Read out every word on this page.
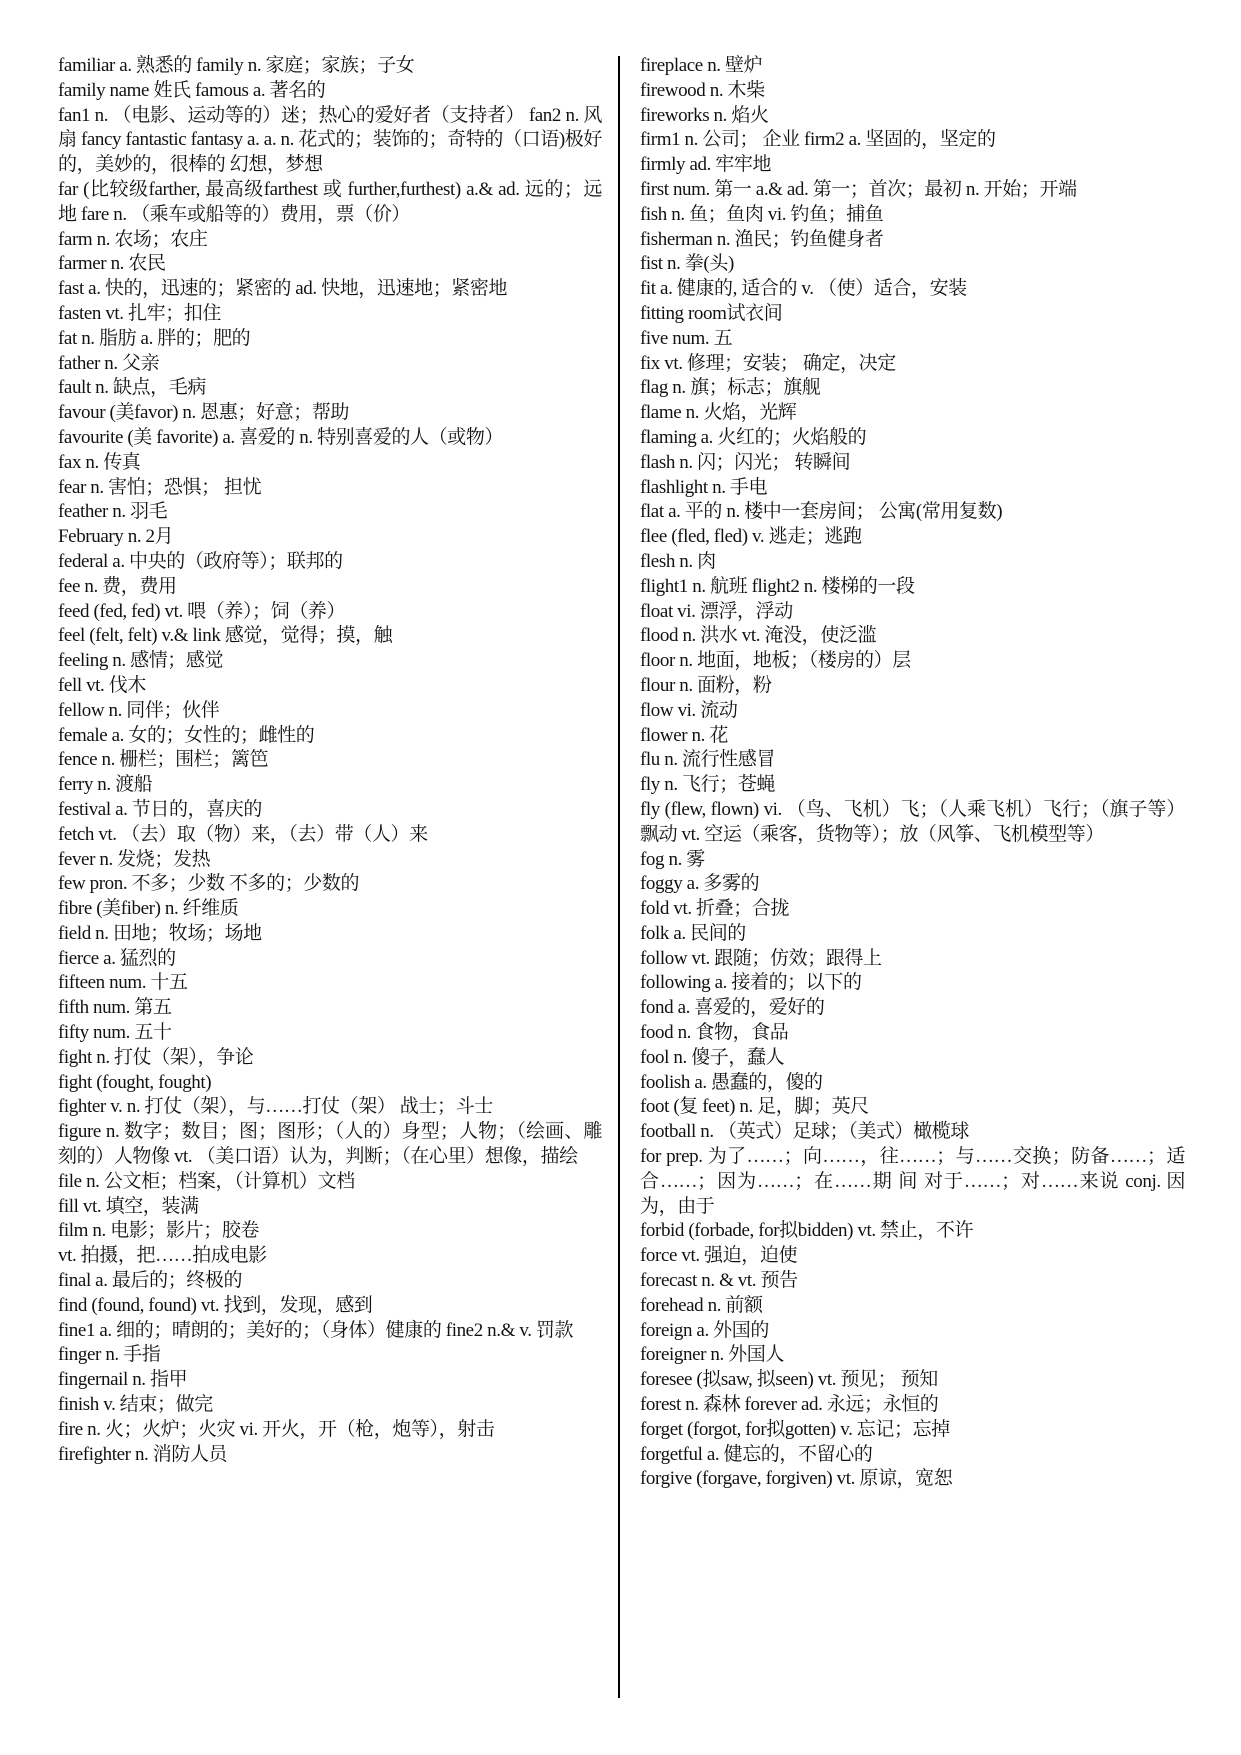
familiar a. 熟悉的 family n. 家庭；家族；子女

family name 姓氏 famous a. 著名的

fan1 n. （电影、运动等的）迷；热心的爱好者（支持者） fan2 n. 风扇 fancy fantastic fantasy a. a. n. 花式的；装饰的；奇特的（口语)极好的，美妙的，很棒的 幻想，梦想

far (比较级farther, 最高级farthest 或 further,furthest) a.& ad. 远的；远地 fare n. （乘车或船等的）费用，票（价）

farm n. 农场；农庄

farmer n. 农民

fast a. 快的，迅速的；紧密的 ad. 快地，迅速地；紧密地

fasten vt. 扎牢；扣住

fat n. 脂肪 a. 胖的；肥的

father n. 父亲

fault n. 缺点，毛病

favour (美favor) n. 恩惠；好意；帮助

favourite (美 favorite) a. 喜爱的 n. 特别喜爱的人（或物）

fax n. 传真

fear n. 害怕；恐惧； 担忧

feather n. 羽毛

February n. 2月

federal a. 中央的（政府等）；联邦的

fee n. 费，费用

feed (fed, fed) vt. 喂（养）；饲（养）

feel (felt, felt) v.& link 感觉，觉得；摸，触

feeling n. 感情；感觉

fell vt. 伐木

fellow n. 同伴；伙伴

female a. 女的；女性的；雌性的

fence n. 栅栏；围栏；篱笆

ferry n. 渡船

festival a. 节日的，喜庆的

fetch vt. （去）取（物）来，（去）带（人）来

fever n. 发烧；发热

few pron. 不多；少数 不多的；少数的

fibre (美fiber) n. 纤维质

field n. 田地；牧场；场地

fierce a. 猛烈的

fifteen num. 十五

fifth num. 第五

fifty num. 五十

fight n. 打仗（架），争论

fight (fought, fought)

fighter v. n. 打仗（架），与……打仗（架） 战士；斗士

figure n. 数字；数目；图；图形；（人的）身型；人物；（绘画、雕刻的）人物像 vt. （美口语）认为，判断；（在心里）想像，描绘

file n. 公文柜；档案，（计算机）文档

fill vt. 填空，装满

film n. 电影；影片；胶卷

vt. 拍摄，把……拍成电影

final a. 最后的；终极的

find (found, found) vt. 找到，发现，感到

fine1 a. 细的；晴朗的；美好的；（身体）健康的 fine2 n.& v. 罚款

finger n. 手指

fingernail n. 指甲

finish v. 结束；做完

fire n. 火；火炉；火灾 vi. 开火，开（枪，炮等），射击

firefighter n. 消防人员

fireplace n. 壁炉

firewood n. 木柴

fireworks n. 焰火

firm1 n. 公司； 企业 firm2 a. 坚固的，坚定的

firmly ad. 牢牢地

first num. 第一 a.& ad. 第一；首次；最初 n. 开始；开端

fish n. 鱼；鱼肉 vi. 钓鱼；捕鱼

fisherman n. 渔民；钓鱼健身者

fist n. 拳(头)

fit a. 健康的, 适合的 v. （使）适合，安装

fitting room试衣间

five num. 五

fix vt. 修理；安装； 确定，决定

flag n. 旗；标志；旗舰

flame n. 火焰，光辉

flaming a. 火红的；火焰般的

flash n. 闪；闪光； 转瞬间

flashlight n. 手电

flat a. 平的 n. 楼中一套房间； 公寓(常用复数)

flee (fled, fled) v. 逃走；逃跑

flesh n. 肉

flight1 n. 航班 flight2 n. 楼梯的一段

float vi. 漂浮，浮动

flood n. 洪水 vt. 淹没，使泛滥

floor n. 地面，地板；（楼房的）层

flour n. 面粉，粉

flow vi. 流动

flower n. 花

flu n. 流行性感冒

fly n. 飞行；苍蝇

fly (flew, flown) vi. （鸟、飞机）飞；（人乘飞机）飞行；（旗子等）飘动 vt. 空运（乘客，货物等）；放（风筝、飞机模型等）

fog n. 雾

foggy a. 多雾的

fold vt. 折叠；合拢

folk a. 民间的

follow vt. 跟随；仿效；跟得上

following a. 接着的；以下的

fond a. 喜爱的，爱好的

food n. 食物，食品

fool n. 傻子，蠢人

foolish a. 愚蠢的，傻的

foot (复 feet) n. 足，脚；英尺

football n. （英式）足球；（美式）橄榄球

for prep. 为了……；向……，往……；与……交换；防备……；适合……；因为……；在……期 间 对于……；对……来说 conj. 因为，由于

forbid (forbade, for拟bidden) vt. 禁止，不许

force vt. 强迫，迫使

forecast n. & vt. 预告

forehead n. 前额

foreign a. 外国的

foreigner n. 外国人

foresee (拟saw, 拟seen) vt. 预见； 预知

forest n. 森林 forever ad. 永远；永恒的

forget (forgot, for拟gotten) v. 忘记；忘掉

forgetful a. 健忘的，不留心的

forgive (forgave, forgiven) vt. 原谅，宽恕
